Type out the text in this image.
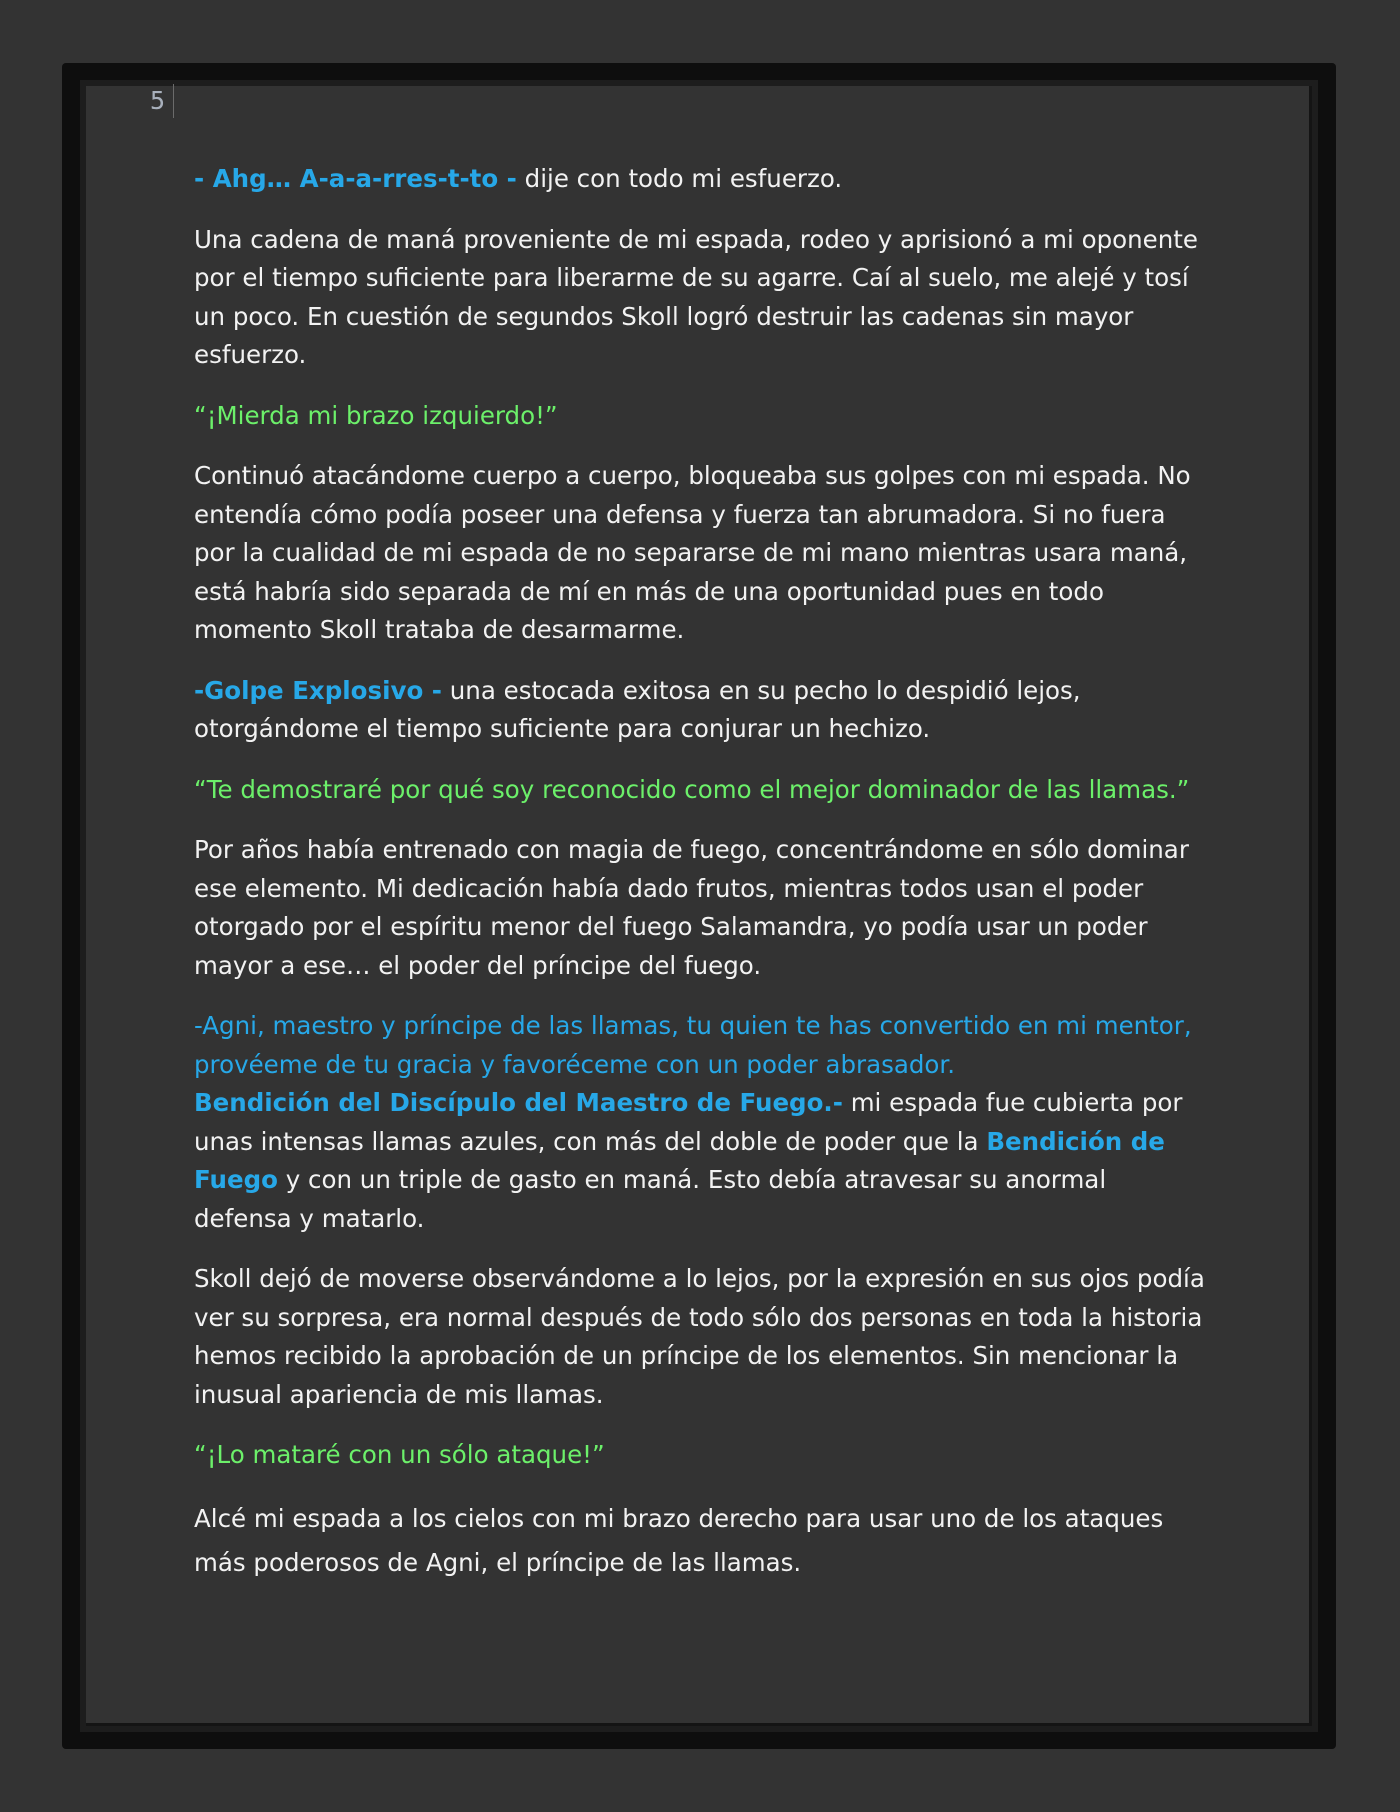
5

- Ahg… A-a-a-rres-t-to - dije con todo mi esfuerzo.

Una cadena de maná proveniente de mi espada, rodeo y aprisionó a mi oponente por el tiempo suficiente para liberarme de su agarre. Caí al suelo, me alejé y tosí un poco. En cuestión de segundos Skoll logró destruir las cadenas sin mayor esfuerzo.

“¡Mierda mi brazo izquierdo!”

Continuó atacándome cuerpo a cuerpo, bloqueaba sus golpes con mi espada. No entendía cómo podía poseer una defensa y fuerza tan abrumadora. Si no fuera por la cualidad de mi espada de no separarse de mi mano mientras usara maná, está habría sido separada de mí en más de una oportunidad pues en todo momento Skoll trataba de desarmarme.

-Golpe Explosivo - una estocada exitosa en su pecho lo despidió lejos, otorgándome el tiempo suficiente para conjurar un hechizo.

“Te demostraré por qué soy reconocido como el mejor dominador de las llamas.”

Por años había entrenado con magia de fuego, concentrándome en sólo dominar ese elemento. Mi dedicación había dado frutos, mientras todos usan el poder otorgado por el espíritu menor del fuego Salamandra, yo podía usar un poder mayor a ese… el poder del príncipe del fuego.

-Agni, maestro y príncipe de las llamas, tu quien te has convertido en mi mentor, provéeme de tu gracia y favoréceme con un poder abrasador.
Bendición del Discípulo del Maestro de Fuego.- mi espada fue cubierta por unas intensas llamas azules, con más del doble de poder que la Bendición de Fuego y con un triple de gasto en maná. Esto debía atravesar su anormal defensa y matarlo.

Skoll dejó de moverse observándome a lo lejos, por la expresión en sus ojos podía ver su sorpresa, era normal después de todo sólo dos personas en toda la historia hemos recibido la aprobación de un príncipe de los elementos. Sin mencionar la inusual apariencia de mis llamas.

“¡Lo mataré con un sólo ataque!”

Alcé mi espada a los cielos con mi brazo derecho para usar uno de los ataques más poderosos de Agni, el príncipe de las llamas.
